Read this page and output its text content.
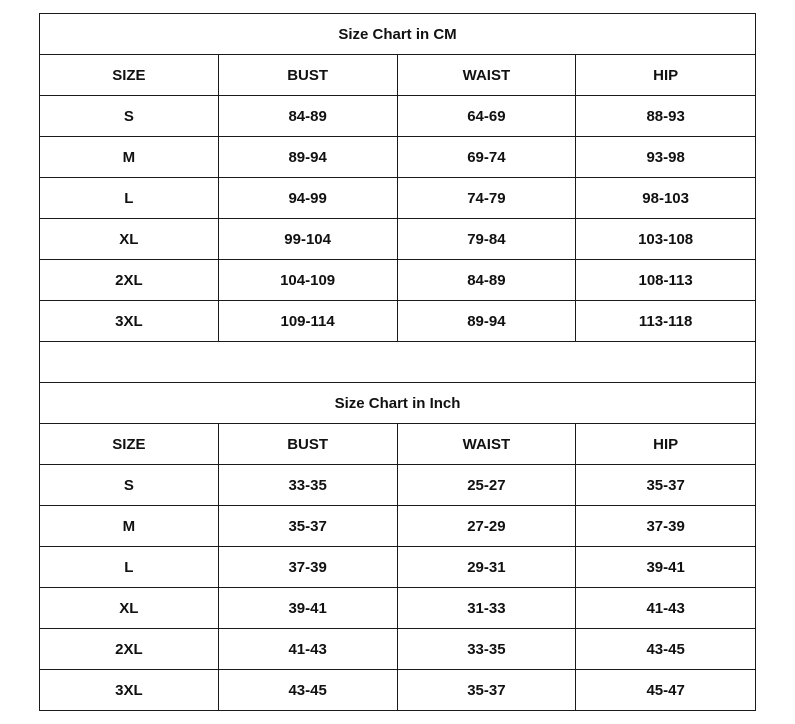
Size Chart in CM
SIZE	BUST	WAIST	HIP
S	84-89	64-69	88-93
M	89-94	69-74	93-98
L	94-99	74-79	98-103
XL	99-104	79-84	103-108
2XL	104-109	84-89	108-113
3XL	109-114	89-94	113-118
Size Chart in Inch
SIZE	BUST	WAIST	HIP
S	33-35	25-27	35-37
M	35-37	27-29	37-39
L	37-39	29-31	39-41
XL	39-41	31-33	41-43
2XL	41-43	33-35	43-45
3XL	43-45	35-37	45-47
